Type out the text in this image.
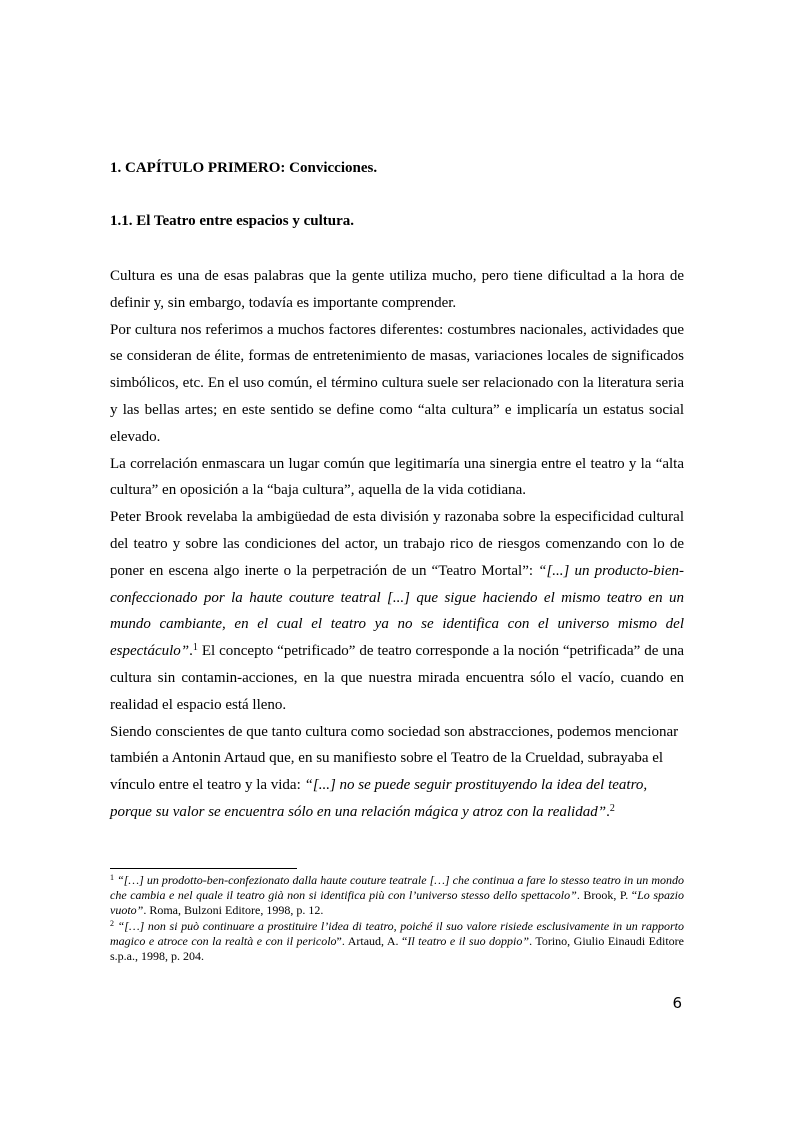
1. CAPÍTULO PRIMERO: Convicciones.
1.1. El Teatro entre espacios y cultura.

Cultura es una de esas palabras que la gente utiliza mucho, pero tiene dificultad a la hora de definir y, sin embargo, todavía es importante comprender.

Por cultura nos referimos a muchos factores diferentes: costumbres nacionales, actividades que se consideran de élite, formas de entretenimiento de masas, variaciones locales de significados simbólicos, etc. En el uso común, el término cultura suele ser relacionado con la literatura seria y las bellas artes; en este sentido se define como “alta cultura” e implicaría un estatus social elevado.

La correlación enmascara un lugar común que legitimaría una sinergia entre el teatro y la “alta cultura” en oposición a la “baja cultura”, aquella de la vida cotidiana.

Peter Brook revelaba la ambigüedad de esta división y razonaba sobre la especificidad cultural del teatro y sobre las condiciones del actor, un trabajo rico de riesgos comenzando con lo de poner en escena algo inerte o la perpetración de un “Teatro Mortal”: “[...] un producto-bien-confeccionado por la haute couture teatral [...] que sigue haciendo el mismo teatro en un mundo cambiante, en el cual el teatro ya no se identifica con el universo mismo del espectáculo”.$^1$ El concepto “petrificado” de teatro corresponde a la noción “petrificada” de una cultura sin contamin-acciones, en la que nuestra mirada encuentra sólo el vacío, cuando en realidad el espacio está lleno.

Siendo conscientes de que tanto cultura como sociedad son abstracciones, podemos mencionar también a Antonin Artaud que, en su manifiesto sobre el Teatro de la Crueldad, subrayaba el vínculo entre el teatro y la vida: “[...] no se puede seguir prostituyendo la idea del teatro, porque su valor se encuentra sólo en una relación mágica y atroz con la realidad”.$^2$

$^1$ “[…] un prodotto-ben-confezionato dalla haute couture teatrale […] che continua a fare lo stesso teatro in un mondo che cambia e nel quale il teatro già non si identifica più con l’universo stesso dello spettacolo”. Brook, P. “Lo spazio vuoto”. Roma, Bulzoni Editore, 1998, p. 12.

$^2$ “[…] non si può continuare a prostituire l’idea di teatro, poiché il suo valore risiede esclusivamente in un rapporto magico e atroce con la realtà e con il pericolo”. Artaud, A. “Il teatro e il suo doppio”. Torino, Giulio Einaudi Editore s.p.a., 1998, p. 204.

6
